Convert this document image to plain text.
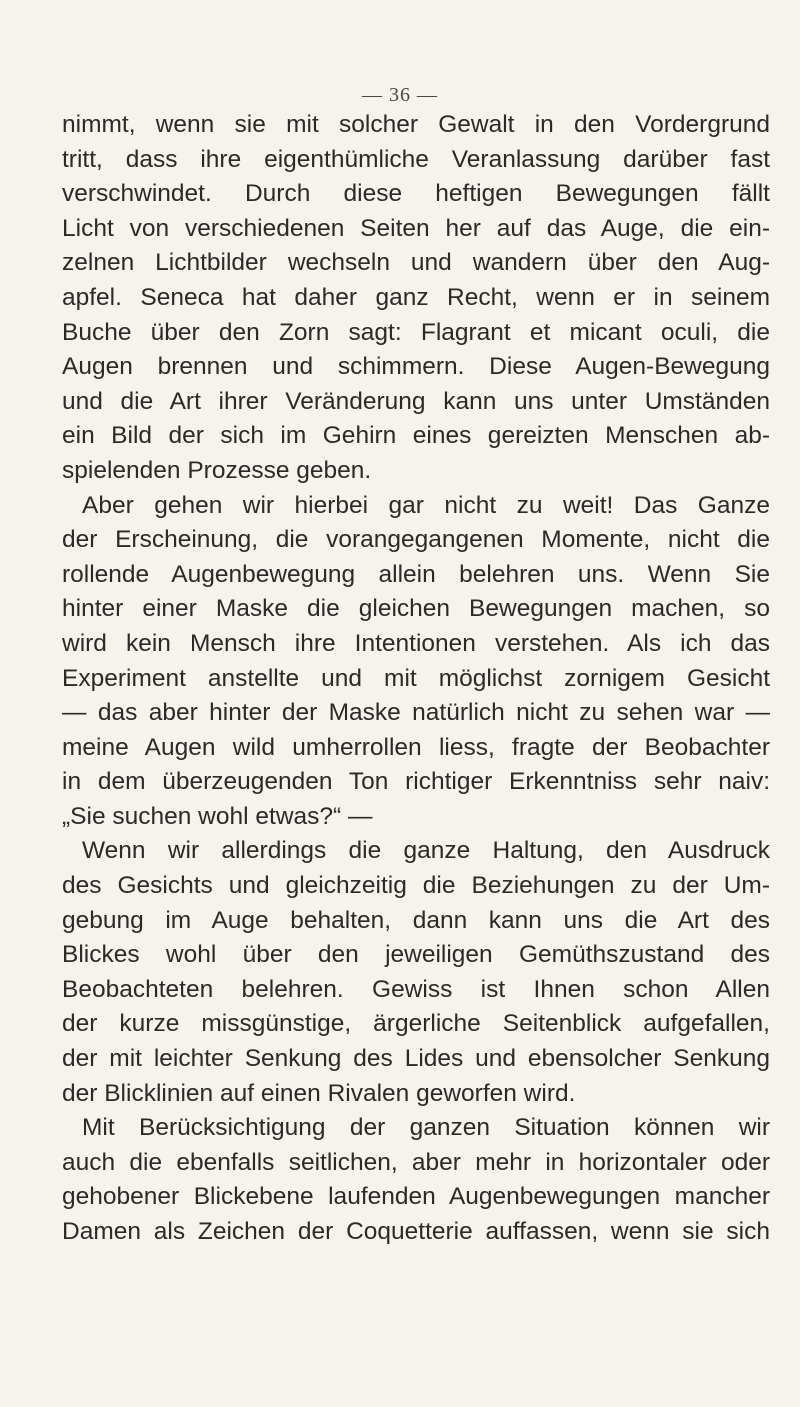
— 36 —
nimmt, wenn sie mit solcher Gewalt in den Vordergrund
tritt, dass ihre eigenthümliche Veranlassung darüber fast
verschwindet. Durch diese heftigen Bewegungen fällt
Licht von verschiedenen Seiten her auf das Auge, die ein-
zelnen Lichtbilder wechseln und wandern über den Aug-
apfel. Seneca hat daher ganz Recht, wenn er in seinem
Buche über den Zorn sagt: Flagrant et micant oculi, die
Augen brennen und schimmern. Diese Augen-Bewegung
und die Art ihrer Veränderung kann uns unter Umständen
ein Bild der sich im Gehirn eines gereizten Menschen ab-
spielenden Prozesse geben.
Aber gehen wir hierbei gar nicht zu weit! Das Ganze
der Erscheinung, die vorangegangenen Momente, nicht die
rollende Augenbewegung allein belehren uns. Wenn Sie
hinter einer Maske die gleichen Bewegungen machen, so
wird kein Mensch ihre Intentionen verstehen. Als ich das
Experiment anstellte und mit möglichst zornigem Gesicht
— das aber hinter der Maske natürlich nicht zu sehen war —
meine Augen wild umherrollen liess, fragte der Beobachter
in dem überzeugenden Ton richtiger Erkenntniss sehr naiv:
„Sie suchen wohl etwas?“ —
Wenn wir allerdings die ganze Haltung, den Ausdruck
des Gesichts und gleichzeitig die Beziehungen zu der Um-
gebung im Auge behalten, dann kann uns die Art des
Blickes wohl über den jeweiligen Gemüthszustand des
Beobachteten belehren. Gewiss ist Ihnen schon Allen
der kurze missgünstige, ärgerliche Seitenblick aufgefallen,
der mit leichter Senkung des Lides und ebensolcher Senkung
der Blicklinien auf einen Rivalen geworfen wird.
Mit Berücksichtigung der ganzen Situation können wir
auch die ebenfalls seitlichen, aber mehr in horizontaler oder
gehobener Blickebene laufenden Augenbewegungen mancher
Damen als Zeichen der Coquetterie auffassen, wenn sie sich
